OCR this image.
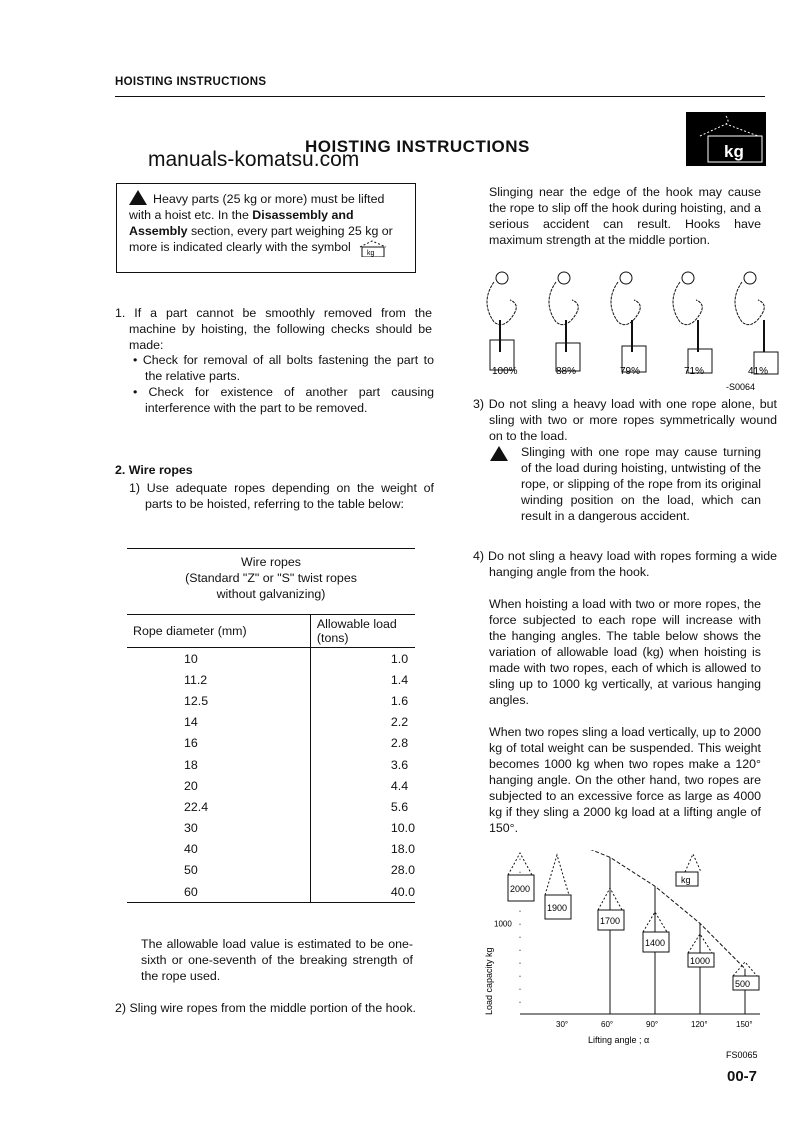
HOISTING INSTRUCTIONS
HOISTING INSTRUCTIONS
manuals-komatsu.com	kg
Heavy parts (25 kg or more) must be lifted with a hoist etc. In the Disassembly and Assembly section, every part weighing 25 kg or more is indicated clearly with the symbol kg
1. If a part cannot be smoothly removed from the machine by hoisting, the following checks should be made:
• Check for removal of all bolts fastening the part to the relative parts.
• Check for existence of another part causing interference with the part to be removed.
2. Wire ropes
1) Use adequate ropes depending on the weight of parts to be hoisted, referring to the table below:
Wire ropes
(Standard "Z" or "S" twist ropes
without galvanizing)	
Rope diameter (mm)	Allowable load (tons)
10	1.0
11.2	1.4
12.5	1.6
14	2.2
16	2.8
18	3.6
20	4.4
22.4	5.6
30	10.0
40	18.0
50	28.0
60	40.0

The allowable load value is estimated to be one-sixth or one-seventh of the breaking strength of the rope used.
2) Sling wire ropes from the middle portion of the hook.
Slinging near the edge of the hook may cause the rope to slip off the hook during hoisting, and a serious accident can result. Hooks have maximum strength at the middle portion.
100%	88%	79%	71%	41%
-S0064
3) Do not sling a heavy load with one rope alone, but sling with two or more ropes symmetrically wound on to the load.
Slinging with one rope may cause turning of the load during hoisting, untwisting of the rope, or slipping of the rope from its original winding position on the load, which can result in a dangerous accident.
4) Do not sling a heavy load with ropes forming a wide hanging angle from the hook.
When hoisting a load with two or more ropes, the force subjected to each rope will increase with the hanging angles. The table below shows the variation of allowable load (kg) when hoisting is made with two ropes, each of which is allowed to sling up to 1000 kg vertically, at various hanging angles.
When two ropes sling a load vertically, up to 2000 kg of total weight can be suspended. This weight becomes 1000 kg when two ropes make a 120° hanging angle. On the other hand, two ropes are subjected to an excessive force as large as 4000 kg if they sling a 2000 kg load at a lifting angle of 150°.
30°	60°	90°	120°	150°
1000
Lifting angle ; α
Load capacity kg
FS0065
2000
1900
1700
1400
1000
500
kg
00-7
